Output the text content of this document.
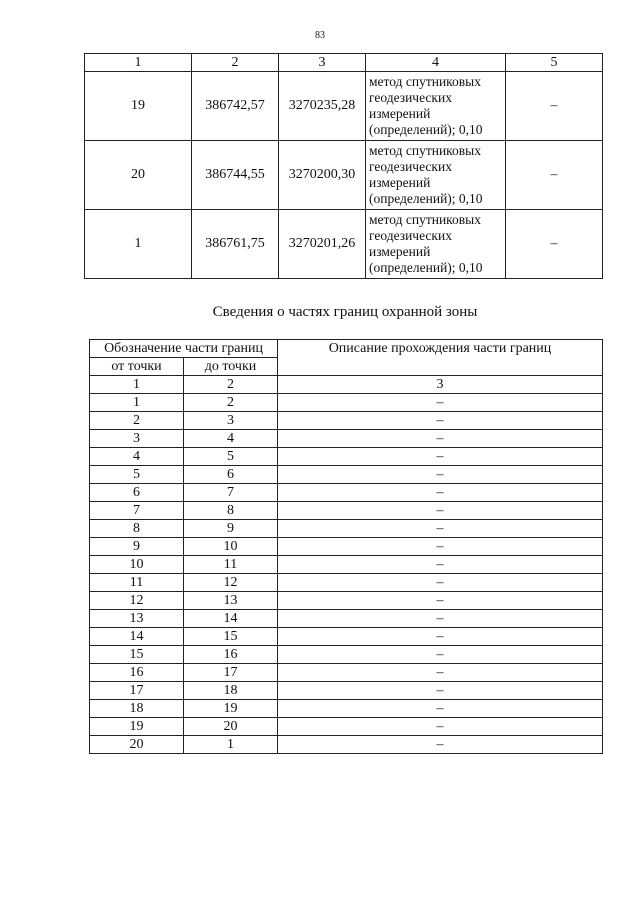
83
1	2	3	4	5
19	386742,57	3270235,28	метод спутниковых геодезических измерений (определений); 0,10	–
20	386744,55	3270200,30	метод спутниковых геодезических измерений (определений); 0,10	–
1	386761,75	3270201,26	метод спутниковых геодезических измерений (определений); 0,10	–
Сведения о частях границ охранной зоны
Обозначение части границ		Описание прохождения части границ
от точки	до точки	
1	2	3
1	2	–
2	3	–
3	4	–
4	5	–
5	6	–
6	7	–
7	8	–
8	9	–
9	10	–
10	11	–
11	12	–
12	13	–
13	14	–
14	15	–
15	16	–
16	17	–
17	18	–
18	19	–
19	20	–
20	1	–
